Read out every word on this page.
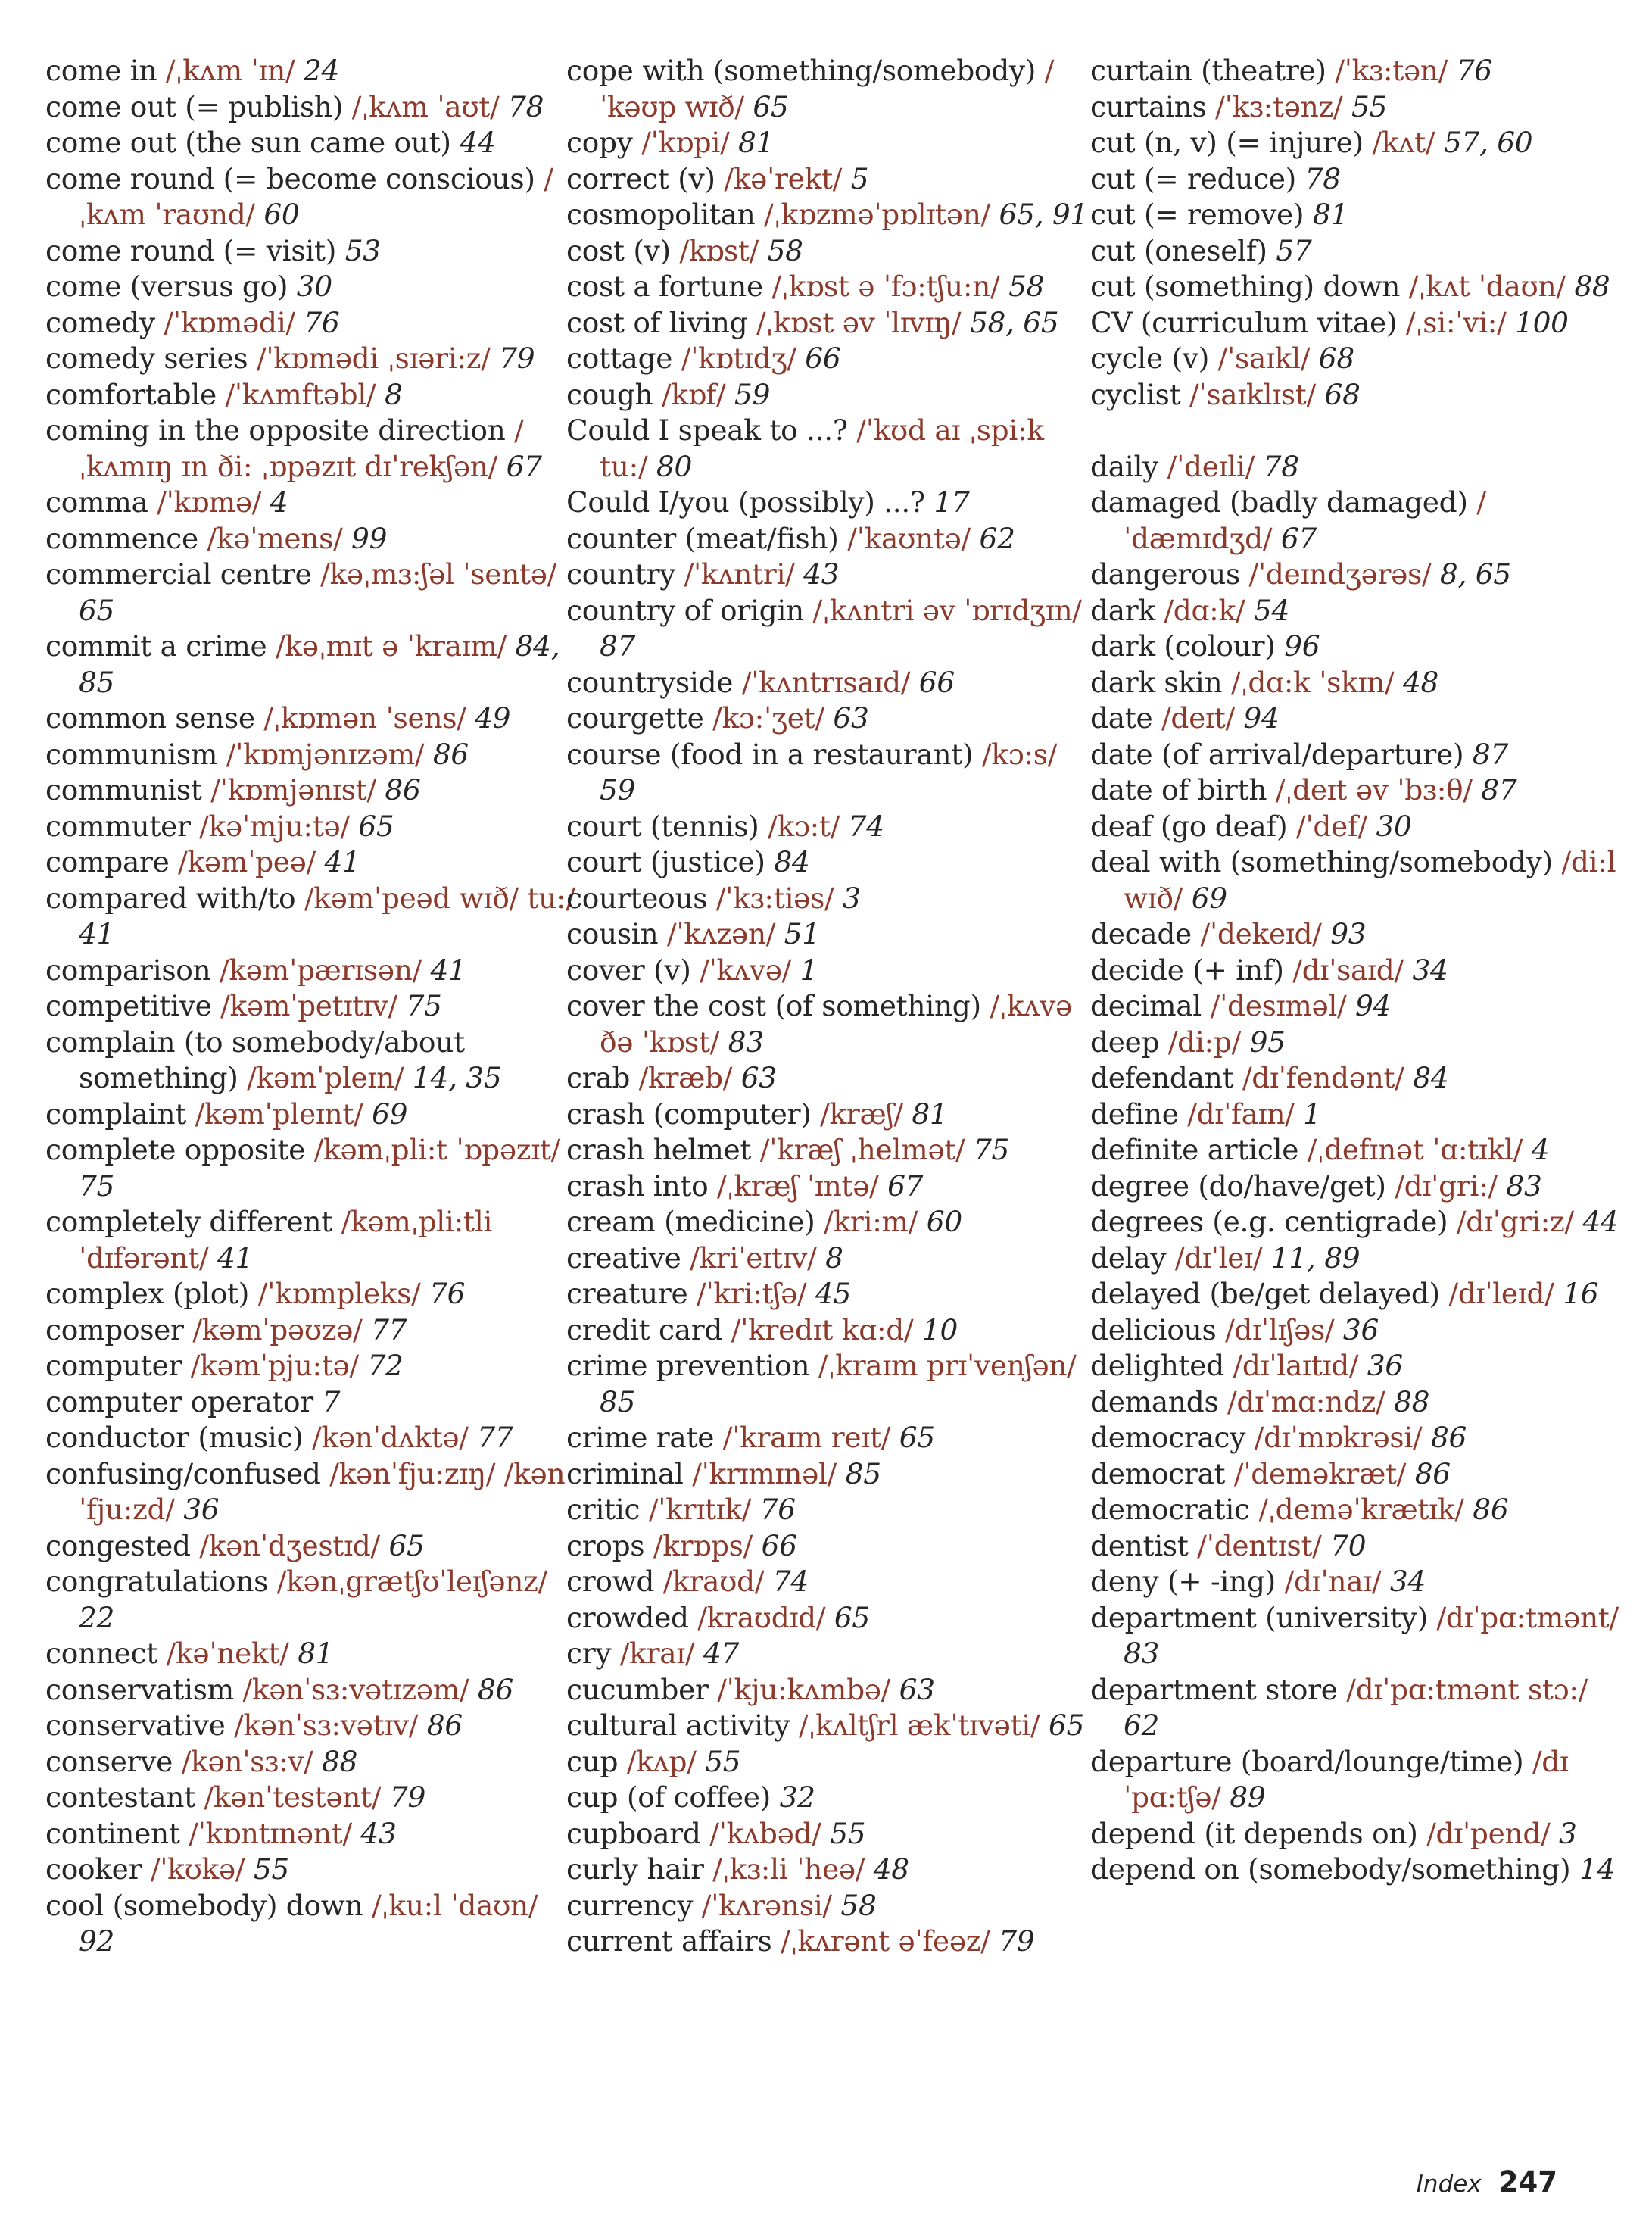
come in /ˌkʌm ˈɪn/ 24
come out (= publish) /ˌkʌm ˈaʊt/ 78
come out (the sun came out) 44
come round (= become conscious) /ˌkʌm ˈraʊnd/ 60
come round (= visit) 53
come (versus go) 30
comedy /ˈkɒmədi/ 76
comedy series /ˈkɒmədi ˌsɪəri:z/ 79
comfortable /ˈkʌmftəbl/ 8
coming in the opposite direction /ˌkʌmɪŋ ɪn ði: ˌɒpəzɪt dɪˈrekʃən/ 67
comma /ˈkɒmə/ 4
commence /kəˈmens/ 99
commercial centre /kəˌmɜ:ʃəl ˈsentə/ 65
commit a crime /kəˌmɪt ə ˈkraɪm/ 84, 85
common sense /ˌkɒmən ˈsens/ 49
communism /ˈkɒmjənɪzəm/ 86
communist /ˈkɒmjənɪst/ 86
commuter /kəˈmju:tə/ 65
compare /kəmˈpeə/ 41
compared with/to /kəmˈpeəd wɪð/ tu:/ 41
comparison /kəmˈpærɪsən/ 41
competitive /kəmˈpetɪtɪv/ 75
complain (to somebody/about something) /kəmˈpleɪn/ 14, 35
complaint /kəmˈpleɪnt/ 69
complete opposite /kəmˌpli:t ˈɒpəzɪt/ 75
completely different /kəmˌpli:tli ˈdɪfərənt/ 41
complex (plot) /ˈkɒmpleks/ 76
composer /kəmˈpəʊzə/ 77
computer /kəmˈpju:tə/ 72
computer operator 7
conductor (music) /kənˈdʌktə/ 77
confusing/confused /kənˈfju:zɪŋ/ /kənˈfju:zd/ 36
congested /kənˈdʒestɪd/ 65
congratulations /kənˌgrætʃʊˈleɪʃənz/ 22
connect /kəˈnekt/ 81
conservatism /kənˈsɜ:vətɪzəm/ 86
conservative /kənˈsɜ:vətɪv/ 86
conserve /kənˈsɜ:v/ 88
contestant /kənˈtestənt/ 79
continent /ˈkɒntɪnənt/ 43
cooker /ˈkʊkə/ 55
cool (somebody) down /ˌku:l ˈdaʊn/ 92
cope with (something/somebody) /ˈkəʊp wɪð/ 65
copy /ˈkɒpi/ 81
correct (v) /kəˈrekt/ 5
cosmopolitan /ˌkɒzməˈpɒlɪtən/ 65, 91
cost (v) /kɒst/ 58
cost a fortune /ˌkɒst ə ˈfɔ:tʃu:n/ 58
cost of living /ˌkɒst əv ˈlɪvɪŋ/ 58, 65
cottage /ˈkɒtɪdʒ/ 66
cough /kɒf/ 59
Could I speak to ...? /ˈkʊd aɪ ˌspi:k tu:/ 80
Could I/you (possibly) ...? 17
counter (meat/fish) /ˈkaʊntə/ 62
country /ˈkʌntri/ 43
country of origin /ˌkʌntri əv ˈɒrɪdʒɪn/ 87
countryside /ˈkʌntrɪsaɪd/ 66
courgette /kɔ:ˈʒet/ 63
course (food in a restaurant) /kɔ:s/ 59
court (tennis) /kɔ:t/ 74
court (justice) 84
courteous /ˈkɜ:tiəs/ 3
cousin /ˈkʌzən/ 51
cover (v) /ˈkʌvə/ 1
cover the cost (of something) /ˌkʌvə ðə ˈkɒst/ 83
crab /kræb/ 63
crash (computer) /kræʃ/ 81
crash helmet /ˈkræʃ ˌhelmət/ 75
crash into /ˌkræʃ ˈɪntə/ 67
cream (medicine) /kri:m/ 60
creative /kriˈeɪtɪv/ 8
creature /ˈkri:tʃə/ 45
credit card /ˈkredɪt kɑ:d/ 10
crime prevention /ˌkraɪm prɪˈvenʃən/ 85
crime rate /ˈkraɪm reɪt/ 65
criminal /ˈkrɪmɪnəl/ 85
critic /ˈkrɪtɪk/ 76
crops /krɒps/ 66
crowd /kraʊd/ 74
crowded /kraʊdɪd/ 65
cry /kraɪ/ 47
cucumber /ˈkju:kʌmbə/ 63
cultural activity /ˌkʌltʃrl ækˈtɪvəti/ 65
cup /kʌp/ 55
cup (of coffee) 32
cupboard /ˈkʌbəd/ 55
curly hair /ˌkɜ:li ˈheə/ 48
currency /ˈkʌrənsi/ 58
current affairs /ˌkʌrənt əˈfeəz/ 79
curtain (theatre) /ˈkɜ:tən/ 76
curtains /ˈkɜ:tənz/ 55
cut (n, v) (= injure) /kʌt/ 57, 60
cut (= reduce) 78
cut (= remove) 81
cut (oneself) 57
cut (something) down /ˌkʌt ˈdaʊn/ 88
CV (curriculum vitae) /ˌsi:ˈvi:/ 100
cycle (v) /ˈsaɪkl/ 68
cyclist /ˈsaɪklɪst/ 68
daily /ˈdeɪli/ 78
damaged (badly damaged) /ˈdæmɪdʒd/ 67
dangerous /ˈdeɪndʒərəs/ 8, 65
dark /dɑ:k/ 54
dark (colour) 96
dark skin /ˌdɑ:k ˈskɪn/ 48
date /deɪt/ 94
date (of arrival/departure) 87
date of birth /ˌdeɪt əv ˈbɜ:θ/ 87
deaf (go deaf) /ˈdef/ 30
deal with (something/somebody) /di:l wɪð/ 69
decade /ˈdekeɪd/ 93
decide (+ inf) /dɪˈsaɪd/ 34
decimal /ˈdesɪməl/ 94
deep /di:p/ 95
defendant /dɪˈfendənt/ 84
define /dɪˈfaɪn/ 1
definite article /ˌdefɪnət ˈɑ:tɪkl/ 4
degree (do/have/get) /dɪˈgri:/ 83
degrees (e.g. centigrade) /dɪˈgri:z/ 44
delay /dɪˈleɪ/ 11, 89
delayed (be/get delayed) /dɪˈleɪd/ 16
delicious /dɪˈlɪʃəs/ 36
delighted /dɪˈlaɪtɪd/ 36
demands /dɪˈmɑ:ndz/ 88
democracy /dɪˈmɒkrəsi/ 86
democrat /ˈdeməkræt/ 86
democratic /ˌdeməˈkrætɪk/ 86
dentist /ˈdentɪst/ 70
deny (+ -ing) /dɪˈnaɪ/ 34
department (university) /dɪˈpɑ:tmənt/ 83
department store /dɪˈpɑ:tmənt stɔ:/ 62
departure (board/lounge/time) /dɪˈpɑ:tʃə/ 89
depend (it depends on) /dɪˈpend/ 3
depend on (somebody/something) 14
Index 247
